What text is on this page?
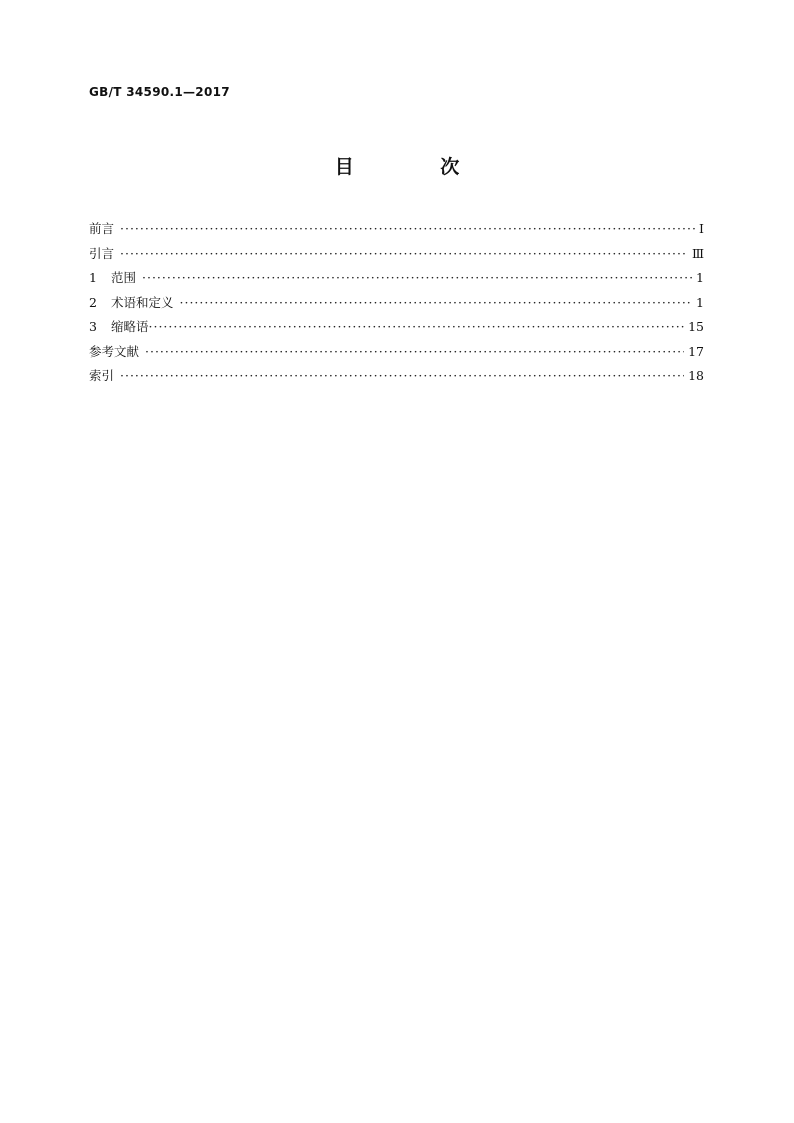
GB/T 34590.1—2017
目 次
前言 ·····	Ⅰ
引言 ·····	Ⅲ
1	范围 ·····	1
2	术语和定义 ·····	1
3	缩略语 ·····	15
参考文献 ·····	17
索引 ·····	18
